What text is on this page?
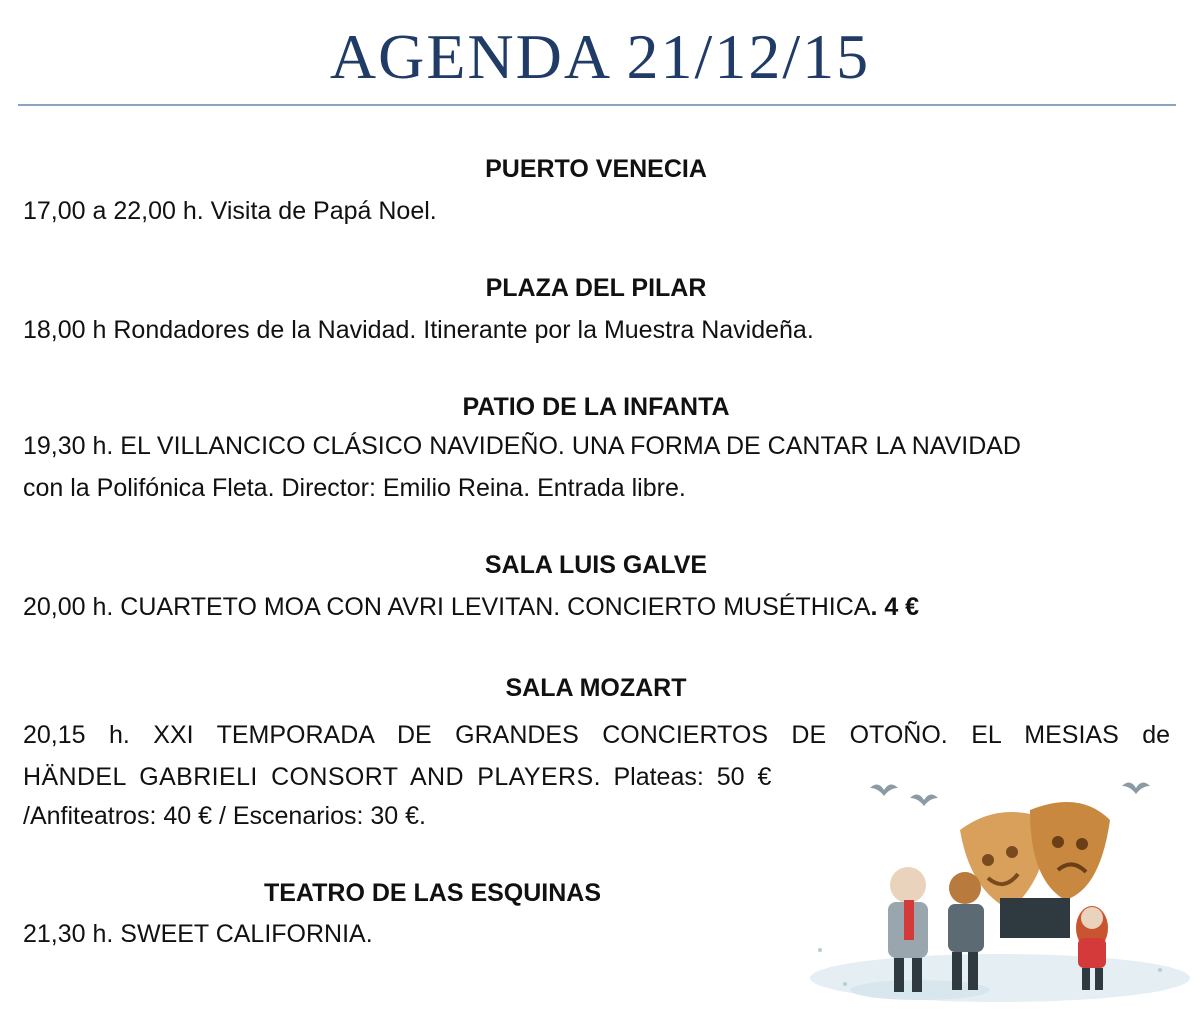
AGENDA 21/12/15
PUERTO VENECIA
17,00 a 22,00 h. Visita de Papá Noel.
PLAZA DEL PILAR
18,00 h Rondadores de la Navidad. Itinerante por la Muestra Navideña.
PATIO DE LA INFANTA
19,30 h. EL VILLANCICO CLÁSICO NAVIDEÑO. UNA FORMA DE CANTAR LA NAVIDAD
con la Polifónica Fleta. Director: Emilio Reina. Entrada libre.
SALA LUIS GALVE
20,00 h. CUARTETO MOA CON AVRI LEVITAN. CONCIERTO MUSÉTHICA. 4 €
SALA MOZART
20,15 h. XXI TEMPORADA DE GRANDES CONCIERTOS DE OTOÑO. EL MESIAS de
HÄNDEL GABRIELI CONSORT AND PLAYERS. Plateas: 50 €
/Anfiteatros: 40 € / Escenarios: 30 €.
TEATRO DE LAS ESQUINAS
21,30 h. SWEET CALIFORNIA.
